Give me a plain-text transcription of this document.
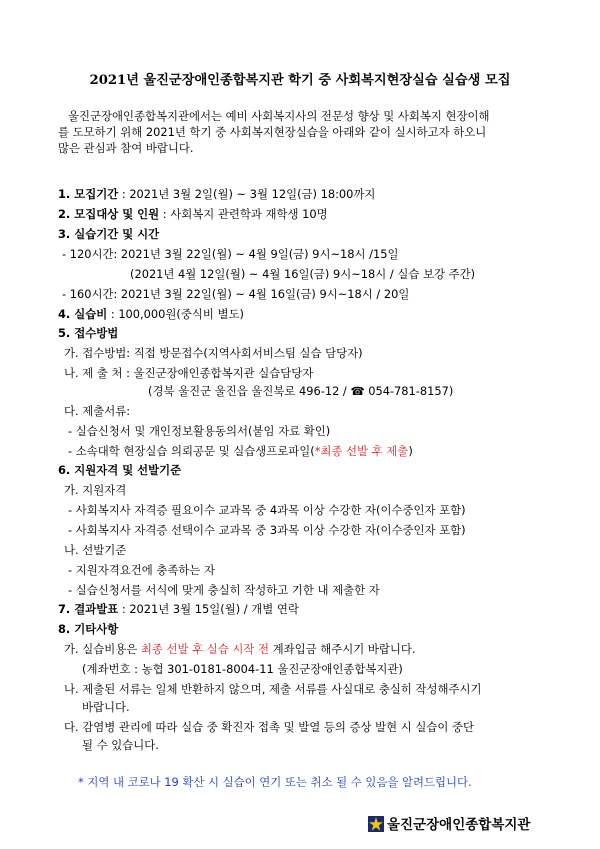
2021년 울진군장애인종합복지관 학기 중 사회복지현장실습 실습생 모집
울진군장애인종합복지관에서는 예비 사회복지사의 전문성 향상 및 사회복지 현장이해
를 도모하기 위해 2021년 학기 중 사회복지현장실습을 아래와 같이 실시하고자 하오니
많은 관심과 참여 바랍니다.
1. 모집기간 : 2021년 3월 2일(월) ~ 3월 12일(금) 18:00까지
2. 모집대상 및 인원 : 사회복지 관련학과 재학생 10명
3. 실습기간 및 시간
- 120시간: 2021년 3월 22일(월) ~ 4월 9일(금) 9시~18시 /15일
(2021년 4월 12일(월) ~ 4월 16일(금) 9시~18시 / 실습 보강 주간)
- 160시간: 2021년 3월 22일(월) ~ 4월 16일(금) 9시~18시 / 20일
4. 실습비 : 100,000원(중식비 별도)
5. 접수방법
가. 접수방법: 직접 방문접수(지역사회서비스팀 실습 담당자)
나. 제 출 처 : 울진군장애인종합복지관 실습담당자
(경북 울진군 울진읍 울진북로 496-12 / ☎ 054-781-8157)
다. 제출서류:
- 실습신청서 및 개인정보활용동의서(붙임 자료 확인)
- 소속대학 현장실습 의뢰공문 및 실습생프로파일(*최종 선발 후 제출)
6. 지원자격 및 선발기준
가. 지원자격
- 사회복지사 자격증 필요이수 교과목 중 4과목 이상 수강한 자(이수중인자 포함)
- 사회복지사 자격증 선택이수 교과목 중 3과목 이상 수강한 자(이수중인자 포함)
나. 선발기준
- 지원자격요건에 충족하는 자
- 실습신청서를 서식에 맞게 충실히 작성하고 기한 내 제출한 자
7. 결과발표 : 2021년 3월 15일(월) / 개별 연락
8. 기타사항
가. 실습비용은 최종 선발 후 실습 시작 전 계좌입금 해주시기 바랍니다.
(계좌번호 : 농협 301-0181-8004-11 울진군장애인종합복지관)
나. 제출된 서류는 일체 반환하지 않으며, 제출 서류를 사실대로 충실히 작성해주시기
바랍니다.
다. 감염병 관리에 따라 실습 중 확진자 접촉 및 발열 등의 증상 발현 시 실습이 중단
될 수 있습니다.
* 지역 내 코로나 19 확산 시 실습이 연기 또는 취소 될 수 있음을 알려드립니다.
울진군장애인종합복지관
